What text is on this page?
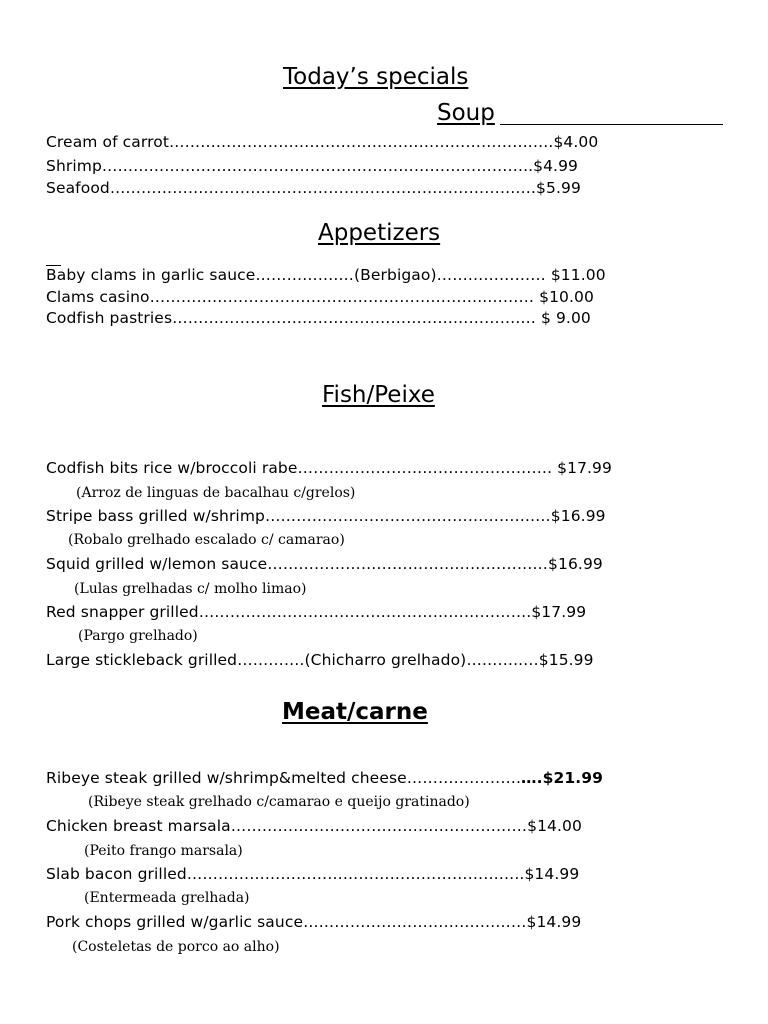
Today’s specials
Soup
Cream of carrot…………………………………………………………….….$4.00
Shrimp………………………………………………………………………..$4.99
Seafood……………………………………………………………………….$5.99
Appetizers
Baby clams in garlic sauce…………….…(Berbigao)………………… $11.00
Clams casino………………………………………………………..……… $10.00
Codfish pastries………………………………………………………….… $ 9.00
Fish/Peixe
Codfish bits rice w/broccoli rabe…………………………………………. $17.99
(Arroz de linguas de bacalhau c/grelos)
Stripe bass grilled w/shrimp…………………………………………….…$16.99
(Robalo grelhado escalado c/ camarao)
Squid grilled w/lemon sauce………………………………………………$16.99
(Lulas grelhadas c/ molho limao)
Red snapper grilled……………………………………………………….$17.99
(Pargo grelhado)
Large stickleback grilled………….(Chicharro grelhado)………..…$15.99
Meat/carne
Ribeye steak grilled w/shrimp&melted cheese………………….….$21.99
(Ribeye steak grelhado c/camarao e queijo gratinado)
Chicken breast marsala…………………………………………………$14.00
(Peito frango marsala)
Slab bacon grilled………………………………………………………..$14.99
(Entermeada grelhada)
Pork chops grilled w/garlic sauce……………………………….……$14.99
(Costeletas de porco ao alho)
